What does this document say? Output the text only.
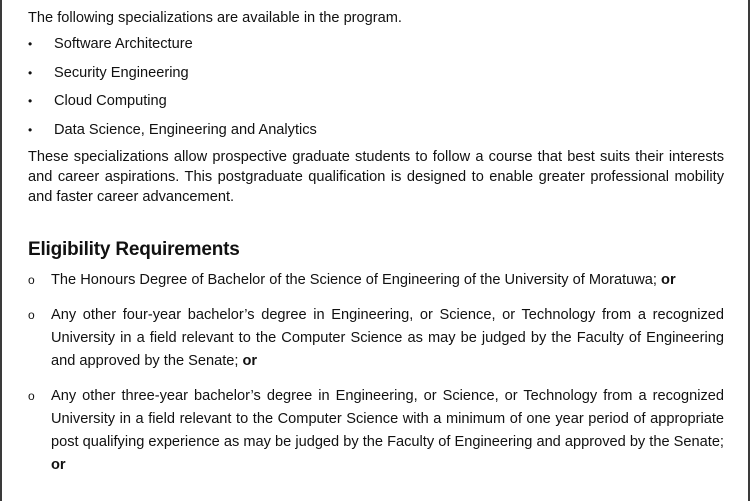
The following specializations are available in the program.

• Software Architecture
• Security Engineering
• Cloud Computing
• Data Science, Engineering and Analytics

These specializations allow prospective graduate students to follow a course that best suits their interests and career aspirations. This postgraduate qualification is designed to enable greater professional mobility and faster career advancement.

Eligibility Requirements
o The Honours Degree of Bachelor of the Science of Engineering of the University of Moratuwa; or
o Any other four-year bachelor’s degree in Engineering, or Science, or Technology from a recognized University in a field relevant to the Computer Science as may be judged by the Faculty of Engineering and approved by the Senate; or
o Any other three-year bachelor’s degree in Engineering, or Science, or Technology from a recognized University in a field relevant to the Computer Science with a minimum of one year period of appropriate post qualifying experience as may be judged by the Faculty of Engineering and approved by the Senate; or
